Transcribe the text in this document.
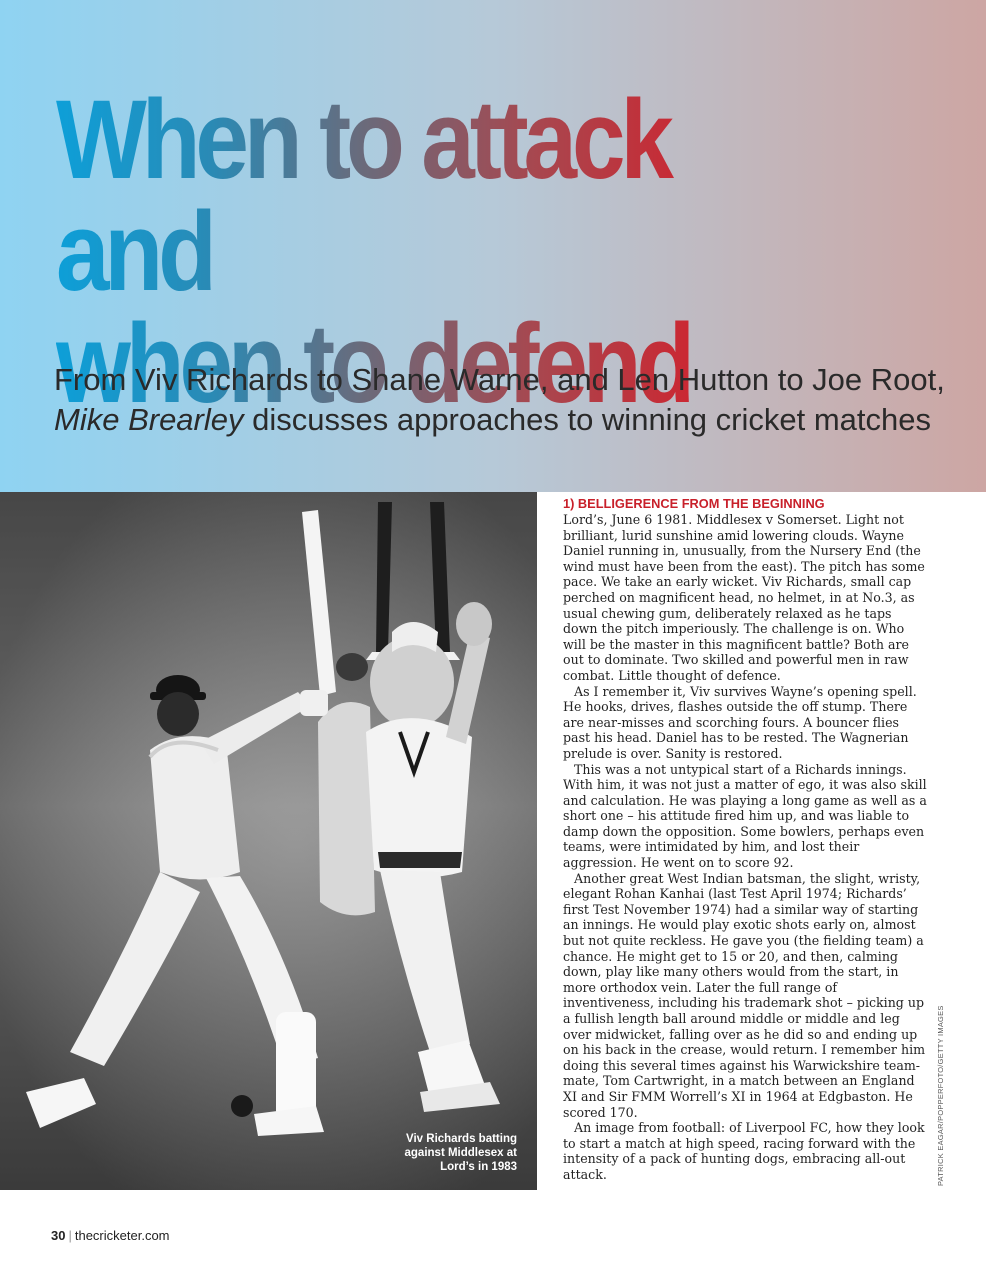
When to attack and
when to defend

From Viv Richards to Shane Warne, and Len Hutton to Joe Root,
Mike Brearley discusses approaches to winning cricket matches

Viv Richards batting against Middlesex at Lord’s in 1983
1) BELLIGERENCE FROM THE BEGINNING

Lord’s, June 6 1981. Middlesex v Somerset. Light not brilliant, lurid sunshine amid lowering clouds. Wayne Daniel running in, unusually, from the Nursery End (the wind must have been from the east). The pitch has some pace. We take an early wicket. Viv Richards, small cap perched on magnificent head, no helmet, in at No.3, as usual chewing gum, deliberately relaxed as he taps down the pitch imperiously. The challenge is on. Who will be the master in this magnificent battle? Both are out to dominate. Two skilled and powerful men in raw combat. Little thought of defence.

As I remember it, Viv survives Wayne’s opening spell. He hooks, drives, flashes outside the off stump. There are near-misses and scorching fours. A bouncer flies past his head. Daniel has to be rested. The Wagnerian prelude is over. Sanity is restored.

This was a not untypical start of a Richards innings. With him, it was not just a matter of ego, it was also skill and calculation. He was playing a long game as well as a short one – his attitude fired him up, and was liable to damp down the opposition. Some bowlers, perhaps even teams, were intimidated by him, and lost their aggression. He went on to score 92.

Another great West Indian batsman, the slight, wristy, elegant Rohan Kanhai (last Test April 1974; Richards’ first Test November 1974) had a similar way of starting an innings. He would play exotic shots early on, almost but not quite reckless. He gave you (the fielding team) a chance. He might get to 15 or 20, and then, calming down, play like many others would from the start, in more orthodox vein. Later the full range of inventiveness, including his trademark shot – picking up a fullish length ball around middle or middle and leg over midwicket, falling over as he did so and ending up on his back in the crease, would return. I remember him doing this several times against his Warwickshire team-mate, Tom Cartwright, in a match between an England XI and Sir FMM Worrell’s XI in 1964 at Edgbaston. He scored 170.

An image from football: of Liverpool FC, how they look to start a match at high speed, racing forward with the intensity of a pack of hunting dogs, embracing all-out attack.	PATRICK EAGAR/POPPERFOTO/GETTY IMAGES
30 | thecricketer.com
